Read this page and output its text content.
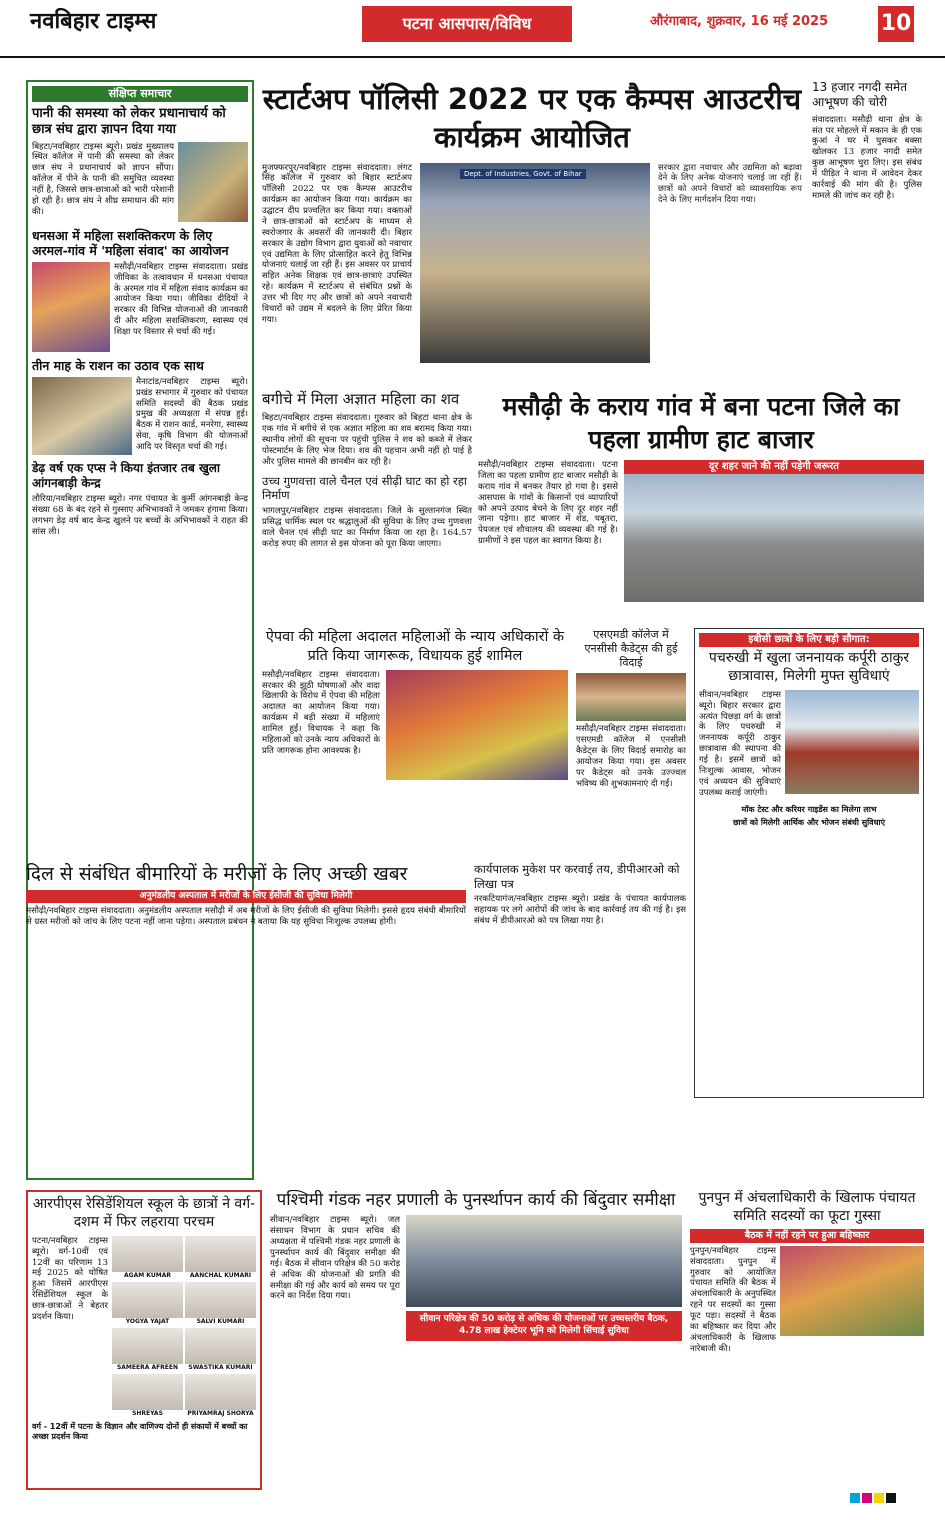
नवबिहार टाइम्स	पटना आसपास/विविध	औरंगाबाद, शुक्रवार, 16 मई 2025 10
संक्षिप्त समाचार
पानी की समस्या को लेकर प्रधानाचार्य को छात्र संघ द्वारा ज्ञापन दिया गया
बिहटा/नवबिहार टाइम्स ब्यूरो। प्रखंड मुख्यालय स्थित कॉलेज में पानी की समस्या को लेकर छात्र संघ ने प्रधानाचार्य को ज्ञापन सौंपा। कॉलेज में पीने के पानी की समुचित व्यवस्था नहीं है, जिससे छात्र-छात्राओं को भारी परेशानी हो रही है। छात्र संघ ने शीघ्र समाधान की मांग की।
धनसआ में महिला सशक्तिकरण के लिए अरमल-गांव में 'महिला संवाद' का आयोजन
मसौढ़ी/नवबिहार टाइम्स संवाददाता। प्रखंड जीविका के तत्वावधान में धनसआ पंचायत के अरमल गांव में महिला संवाद कार्यक्रम का आयोजन किया गया। जीविका दीदियों ने सरकार की विभिन्न योजनाओं की जानकारी दी और महिला सशक्तिकरण, स्वास्थ्य एवं शिक्षा पर विस्तार से चर्चा की गई।
तीन माह के राशन का उठाव एक साथ
मैनाटांड/नवबिहार टाइम्स ब्यूरो। प्रखंड सभागार में गुरुवार को पंचायत समिति सदस्यों की बैठक प्रखंड प्रमुख की अध्यक्षता में संपन्न हुई। बैठक में राशन कार्ड, मनरेगा, स्वास्थ्य सेवा, कृषि विभाग की योजनाओं आदि पर विस्तृत चर्चा की गई।
डेढ़ वर्ष एक एप्स ने किया इंतजार तब खुला आंगनबाड़ी केन्द्र
लौरिया/नवबिहार टाइम्स ब्यूरो। नगर पंचायत के कुर्मी आंगनबाड़ी केन्द्र संख्या 68 के बंद रहने से गुस्साए अभिभावकों ने जमकर हंगामा किया। लगभग डेढ़ वर्ष बाद केन्द्र खुलने पर बच्चों के अभिभावकों ने राहत की सांस ली।
स्टार्टअप पॉलिसी 2022 पर एक कैम्पस आउटरीच कार्यक्रम आयोजित
मुजफ्फरपुर/नवबिहार टाइम्स संवाददाता। लंगट सिंह कॉलेज में गुरुवार को बिहार स्टार्टअप पॉलिसी 2022 पर एक कैम्पस आउटरीच कार्यक्रम का आयोजन किया गया। कार्यक्रम का उद्घाटन दीप प्रज्वलित कर किया गया। वक्ताओं ने छात्र-छात्राओं को स्टार्टअप के माध्यम से स्वरोजगार के अवसरों की जानकारी दी। बिहार सरकार के उद्योग विभाग द्वारा युवाओं को नवाचार एवं उद्यमिता के लिए प्रोत्साहित करने हेतु विभिन्न योजनाएं चलाई जा रही हैं। इस अवसर पर प्राचार्य सहित अनेक शिक्षक एवं छात्र-छात्राएं उपस्थित रहे। कार्यक्रम में स्टार्टअप से संबंधित प्रश्नों के उत्तर भी दिए गए और छात्रों को अपने नवाचारी विचारों को उद्यम में बदलने के लिए प्रेरित किया गया।
Dept. of Industries, Govt. of Bihar
सरकार द्वारा नवाचार और उद्यमिता को बढ़ावा देने के लिए अनेक योजनाएं चलाई जा रही हैं। छात्रों को अपने विचारों को व्यावसायिक रूप देने के लिए मार्गदर्शन दिया गया।
13 हजार नगदी समेत आभूषण की चोरी
संवाददाता। मसौढ़ी थाना क्षेत्र के संत पर मोहल्ले में मकान के ही एक कुआं ने घर में घुसकर बक्सा खोलकर 13 हजार नगदी समेत कुछ आभूषण चुरा लिए। इस संबंध में पीड़ित ने थाना में आवेदन देकर कार्रवाई की मांग की है। पुलिस मामले की जांच कर रही है।
बगीचे में मिला अज्ञात महिला का शव
बिहटा/नवबिहार टाइम्स संवाददाता। गुरुवार को बिहटा थाना क्षेत्र के एक गांव में बगीचे से एक अज्ञात महिला का शव बरामद किया गया। स्थानीय लोगों की सूचना पर पहुंची पुलिस ने शव को कब्जे में लेकर पोस्टमार्टम के लिए भेज दिया। शव की पहचान अभी नहीं हो पाई है और पुलिस मामले की छानबीन कर रही है।
उच्च गुणवत्ता वाले चैनल एवं सीढ़ी घाट का हो रहा निर्माण
भागलपुर/नवबिहार टाइम्स संवाददाता। जिले के सुल्तानगंज स्थित प्रसिद्ध धार्मिक स्थल पर श्रद्धालुओं की सुविधा के लिए उच्च गुणवत्ता वाले चैनल एवं सीढ़ी घाट का निर्माण किया जा रहा है। 164.57 करोड़ रुपए की लागत से इस योजना को पूरा किया जाएगा।
मसौढ़ी के कराय गांव में बना पटना जिले का पहला ग्रामीण हाट बाजार
मसौढ़ी/नवबिहार टाइम्स संवाददाता। पटना जिला का पहला ग्रामीण हाट बाजार मसौढ़ी के कराय गांव में बनकर तैयार हो गया है। इससे आसपास के गांवों के किसानों एवं व्यापारियों को अपने उत्पाद बेचने के लिए दूर शहर नहीं जाना पड़ेगा। हाट बाजार में शेड, चबूतरा, पेयजल एवं शौचालय की व्यवस्था की गई है। ग्रामीणों ने इस पहल का स्वागत किया है।
दूर शहर जाने की नहीं पड़ेगी जरूरत
ऐपवा की महिला अदालत महिलाओं के न्याय अधिकारों के प्रति किया जागरूक, विधायक हुई शामिल
मसौढ़ी/नवबिहार टाइम्स संवाददाता। सरकार की झूठी घोषणाओं और वादा खिलाफी के विरोध में ऐपवा की महिला अदालत का आयोजन किया गया। कार्यक्रम में बड़ी संख्या में महिलाएं शामिल हुईं। विधायक ने कहा कि महिलाओं को उनके न्याय अधिकारों के प्रति जागरूक होना आवश्यक है।
एसएमडी कॉलेज में एनसीसी कैडेट्स की हुई विदाई
मसौढ़ी/नवबिहार टाइम्स संवाददाता। एसएमडी कॉलेज में एनसीसी कैडेट्स के लिए विदाई समारोह का आयोजन किया गया। इस अवसर पर कैडेट्स को उनके उज्ज्वल भविष्य की शुभकामनाएं दी गईं।
इबीसी छात्रों के लिए बड़ी सौगात:
पचरुखी में खुला जननायक कर्पूरी ठाकुर छात्रावास, मिलेगी मुफ्त सुविधाएं
सीवान/नवबिहार टाइम्स ब्यूरो। बिहार सरकार द्वारा अत्यंत पिछड़ा वर्ग के छात्रों के लिए पचरुखी में जननायक कर्पूरी ठाकुर छात्रावास की स्थापना की गई है। इसमें छात्रों को निःशुल्क आवास, भोजन एवं अध्ययन की सुविधाएं उपलब्ध कराई जाएंगी।
मॉक टेस्ट और करियर गाइडेंस का मिलेगा लाभ
छात्रों को मिलेगी आर्थिक और भोजन संबंधी सुविधाएं
दिल से संबंधित बीमारियों के मरीजों के लिए अच्छी खबर
अनुमंडलीय अस्पताल में मरीजों के लिए ईसीजी की सुविधा मिलेगी
मसौढ़ी/नवबिहार टाइम्स संवाददाता। अनुमंडलीय अस्पताल मसौढ़ी में अब मरीजों के लिए ईसीजी की सुविधा मिलेगी। इससे हृदय संबंधी बीमारियों से ग्रस्त मरीजों को जांच के लिए पटना नहीं जाना पड़ेगा। अस्पताल प्रबंधन ने बताया कि यह सुविधा निःशुल्क उपलब्ध होगी।
कार्यपालक मुकेश पर करवाई तय, डीपीआरओ को लिखा पत्र
नरकटियागंज/नवबिहार टाइम्स ब्यूरो। प्रखंड के पंचायत कार्यपालक सहायक पर लगे आरोपों की जांच के बाद कार्रवाई तय की गई है। इस संबंध में डीपीआरओ को पत्र लिखा गया है।
आरपीएस रेसिडेंशियल स्कूल के छात्रों ने वर्ग-दशम में फिर लहराया परचम
पटना/नवबिहार टाइम्स ब्यूरो। वर्ग-10वीं एवं 12वीं का परिणाम 13 मई 2025 को घोषित हुआ जिसमें आरपीएस रेसिडेंशियल स्कूल के छात्र-छात्राओं ने बेहतर प्रदर्शन किया।
AGAM KUMAR	AANCHAL KUMARI
YOGYA YAJAT	SALVI KUMARI
SAMEERA AFREEN	SWASTIKA KUMARI
SHREYAS	PRIYAMRAJ SHORYA
वर्ग - 12वीं में पटना के विज्ञान और वाणिज्य दोनों ही संकायों में बच्चों का अच्छा प्रदर्शन किया
पश्चिमी गंडक नहर प्रणाली के पुनर्स्थापन कार्य की बिंदुवार समीक्षा
सीवान/नवबिहार टाइम्स ब्यूरो। जल संसाधन विभाग के प्रधान सचिव की अध्यक्षता में पश्चिमी गंडक नहर प्रणाली के पुनर्स्थापन कार्य की बिंदुवार समीक्षा की गई। बैठक में सीवान परिक्षेत्र की 50 करोड़ से अधिक की योजनाओं की प्रगति की समीक्षा की गई और कार्य को समय पर पूरा करने का निर्देश दिया गया।
सीवान परिक्षेत्र की 50 करोड़ से अधिक की योजनाओं पर उच्चस्तरीय बैठक, 4.78 लाख हेक्टेयर भूमि को मिलेगी सिंचाई सुविधा
पुनपुन में अंचलाधिकारी के खिलाफ पंचायत समिति सदस्यों का फूटा गुस्सा
बैठक में नहीं रहने पर हुआ बहिष्कार
पुनपुन/नवबिहार टाइम्स संवाददाता। पुनपुन में गुरुवार को आयोजित पंचायत समिति की बैठक में अंचलाधिकारी के अनुपस्थित रहने पर सदस्यों का गुस्सा फूट पड़ा। सदस्यों ने बैठक का बहिष्कार कर दिया और अंचलाधिकारी के खिलाफ नारेबाजी की।
